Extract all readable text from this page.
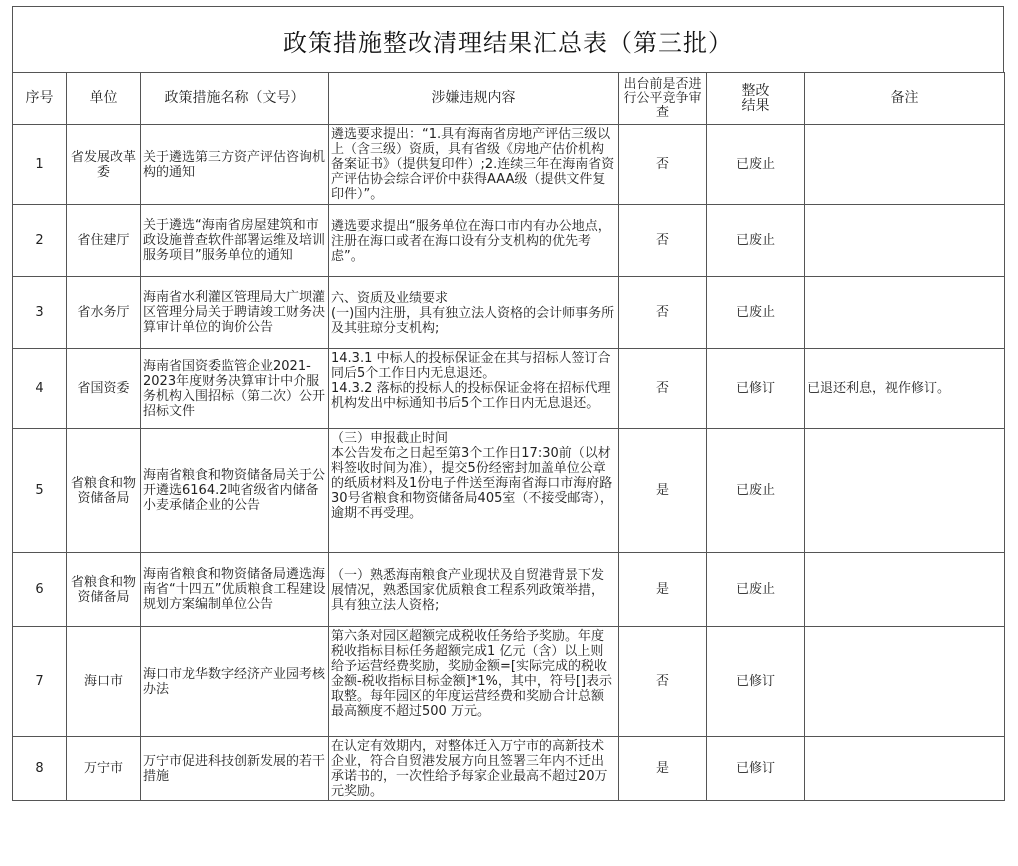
政策措施整改清理结果汇总表（第三批）
序号	单位	政策措施名称（文号）	涉嫌违规内容	出台前是否进行公平竞争审查	整改结果	备注
1	省发展改革委	关于遴选第三方资产评估咨询机构的通知	遴选要求提出：“1.具有海南省房地产评估三级以上（含三级）资质，具有省级《房地产估价机构备案证书》（提供复印件）;2.连续三年在海南省资产评估协会综合评价中获得AAA级（提供文件复印件）”。	否	已废止	
2	省住建厅	关于遴选“海南省房屋建筑和市政设施普查软件部署运维及培训服务项目”服务单位的通知	遴选要求提出“服务单位在海口市内有办公地点，注册在海口或者在海口设有分支机构的优先考虑”。	否	已废止	
3	省水务厅	海南省水利灌区管理局大广坝灌区管理分局关于聘请竣工财务决算审计单位的询价公告	六、资质及业绩要求
(一)国内注册，具有独立法人资格的会计师事务所及其驻琼分支机构;	否	已废止	
4	省国资委	海南省国资委监管企业2021-2023年度财务决算审计中介服务机构入围招标（第二次）公开招标文件	14.3.1 中标人的投标保证金在其与招标人签订合同后5个工作日内无息退还。
14.3.2 落标的投标人的投标保证金将在招标代理机构发出中标通知书后5个工作日内无息退还。	否	已修订	已退还利息，视作修订。
5	省粮食和物资储备局	海南省粮食和物资储备局关于公开遴选6164.2吨省级省内储备小麦承储企业的公告	（三）申报截止时间
本公告发布之日起至第3个工作日17:30前（以材料签收时间为准），提交5份经密封加盖单位公章的纸质材料及1份电子件送至海南省海口市海府路30号省粮食和物资储备局405室（不接受邮寄），逾期不再受理。	是	已废止	
6	省粮食和物资储备局	海南省粮食和物资储备局遴选海南省“十四五”优质粮食工程建设规划方案编制单位公告	（一）熟悉海南粮食产业现状及自贸港背景下发展情况，熟悉国家优质粮食工程系列政策举措，具有独立法人资格;	是	已废止	
7	海口市	海口市龙华数字经济产业园考核办法	第六条对园区超额完成税收任务给予奖励。年度税收指标目标任务超额完成1 亿元（含）以上则给予运营经费奖励，奖励金额=[实际完成的税收金额-税收指标目标金额]*1%，其中，符号[]表示取整。每年园区的年度运营经费和奖励合计总额最高额度不超过500 万元。	否	已修订	
8	万宁市	万宁市促进科技创新发展的若干措施	在认定有效期内，对整体迁入万宁市的高新技术企业，符合自贸港发展方向且签署三年内不迁出承诺书的，一次性给予每家企业最高不超过20万元奖励。	是	已修订	
